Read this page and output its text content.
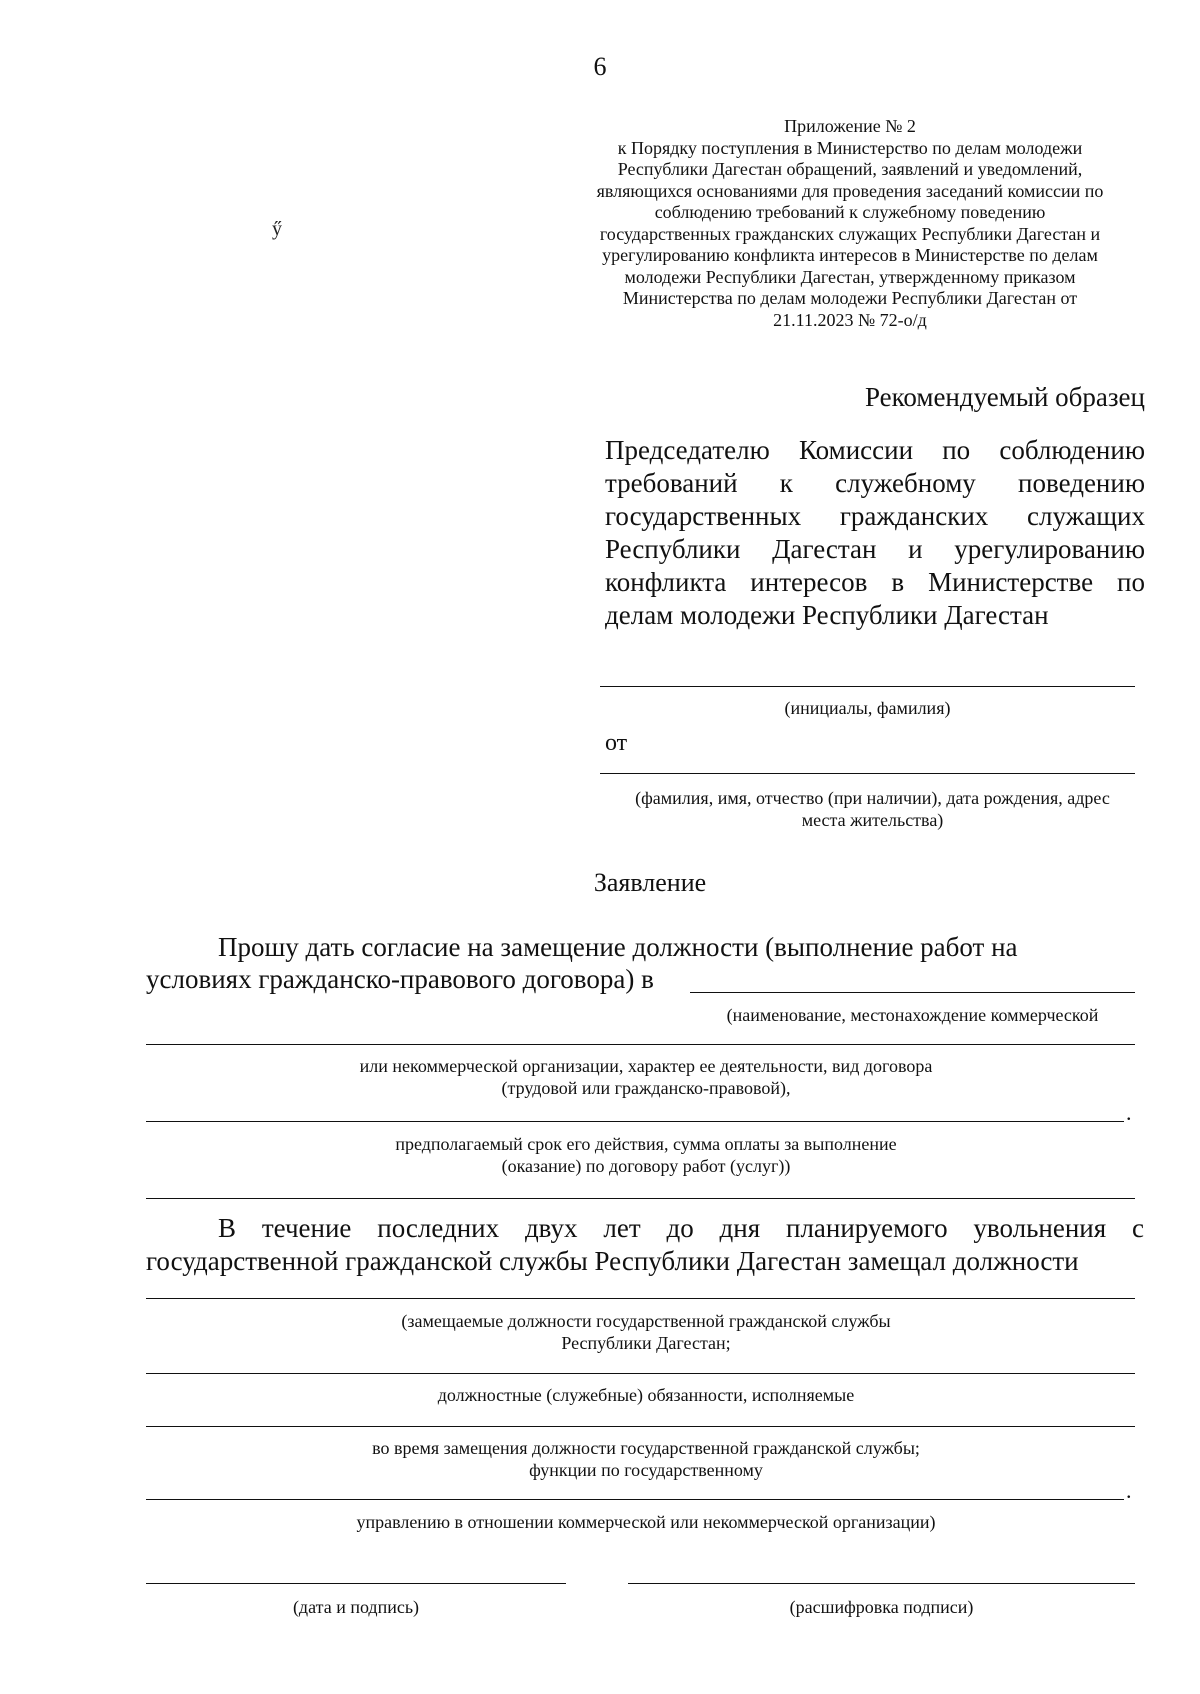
6
Приложение № 2
к Порядку поступления в Министерство по делам молодежи
Республики Дагестан обращений, заявлений и уведомлений,
являющихся основаниями для проведения заседаний комиссии по
соблюдению требований к служебному поведению
государственных гражданских служащих Республики Дагестан и
урегулированию конфликта интересов в Министерстве по делам
молодежи Республики Дагестан, утвержденному приказом
Министерства по делам молодежи Республики Дагестан от
21.11.2023 № 72-о/д
ӳ
Рекомендуемый образец
Председателю Комиссии по соблюдению требований к служебному поведению государственных гражданских служащих Республики Дагестан и урегулированию конфликта интересов в Министерстве по делам молодежи Республики Дагестан
(инициалы, фамилия)
от
(фамилия, имя, отчество (при наличии), дата рождения, адрес
места жительства)
Заявление
Прошу дать согласие на замещение должности (выполнение работ на
условиях гражданско-правового договора) в
(наименование, местонахождение коммерческой
или некоммерческой организации, характер ее деятельности, вид договора
(трудовой или гражданско-правовой),
.
предполагаемый срок его действия, сумма оплаты за выполнение
(оказание) по договору работ (услуг))
В течение последних двух лет до дня планируемого увольнения с государственной гражданской службы Республики Дагестан замещал должности
(замещаемые должности государственной гражданской службы
Республики Дагестан;
должностные (служебные) обязанности, исполняемые
во время замещения должности государственной гражданской службы;
функции по государственному
.
управлению в отношении коммерческой или некоммерческой организации)
(дата и подпись)	(расшифровка подписи)
